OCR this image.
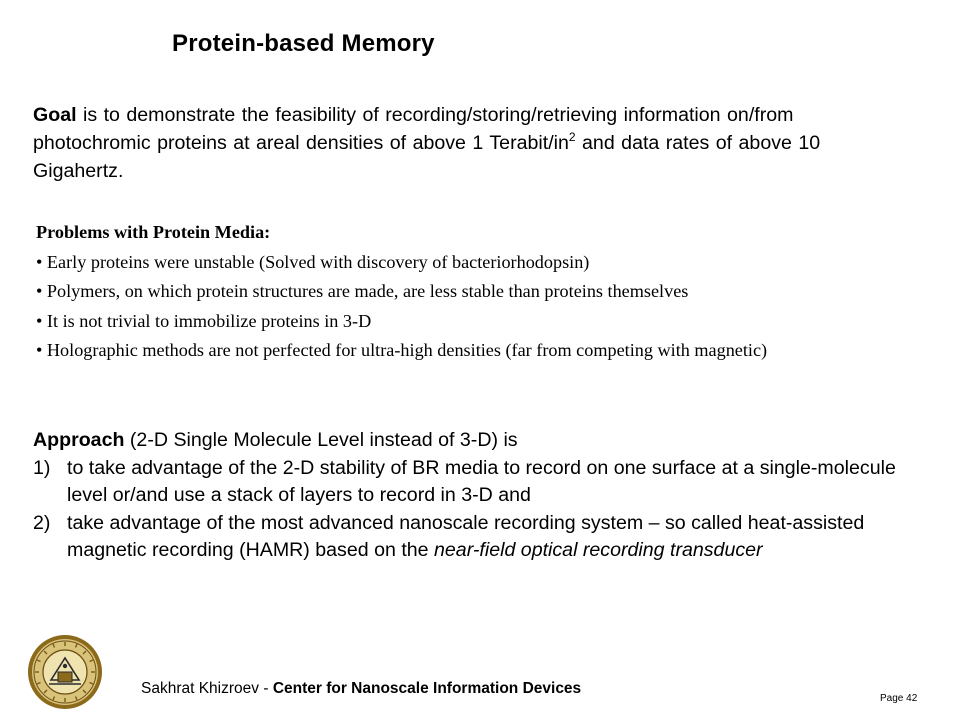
Protein-based Memory
Goal is to demonstrate the feasibility of recording/storing/retrieving information on/from photochromic proteins at areal densities of above 1 Terabit/$in^2$ and data rates of above 10 Gigahertz.
Problems with Protein Media:
• Early proteins were unstable (Solved with discovery of bacteriorhodopsin)
• Polymers, on which protein structures are made, are less stable than proteins themselves
• It is not trivial to immobilize proteins in 3-D
• Holographic methods are not perfected for ultra-high densities (far from competing with magnetic)
Approach (2-D Single Molecule Level instead of 3-D) is
1) to take advantage of the 2-D stability of BR media to record on one surface at a single-molecule level or/and use a stack of layers to record in 3-D and
2) take advantage of the most advanced nanoscale recording system – so called heat-assisted magnetic recording (HAMR) based on the near-field optical recording transducer
Sakhrat Khizroev - Center for Nanoscale Information Devices
Page 42
